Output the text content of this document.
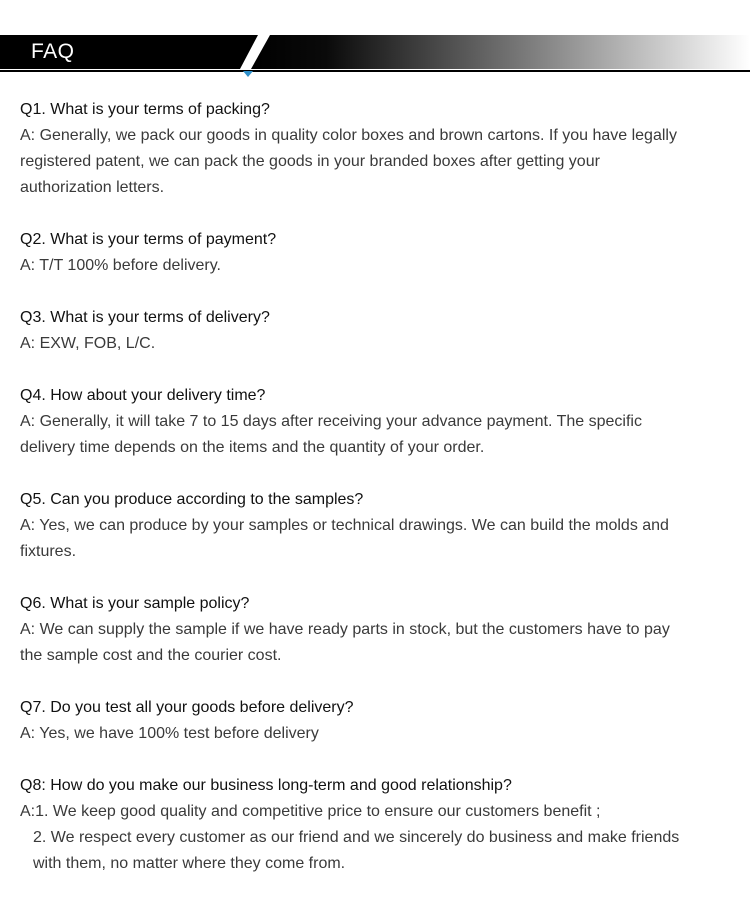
FAQ
Q1. What is your terms of packing?
A: Generally, we pack our goods in quality color boxes and brown cartons. If you have legally
registered patent, we can pack the goods in your branded boxes after getting your
authorization letters.
Q2. What is your terms of payment?
A: T/T 100% before delivery.
Q3. What is your terms of delivery?
A: EXW, FOB, L/C.
Q4. How about your delivery time?
A: Generally, it will take 7 to 15 days after receiving your advance payment. The specific
delivery time depends on the items and the quantity of your order.
Q5. Can you produce according to the samples?
A: Yes, we can produce by your samples or technical drawings. We can build the molds and
fixtures.
Q6. What is your sample policy?
A: We can supply the sample if we have ready parts in stock, but the customers have to pay
the sample cost and the courier cost.
Q7. Do you test all your goods before delivery?
A: Yes, we have 100% test before delivery
Q8: How do you make our business long-term and good relationship?
A:1. We keep good quality and competitive price to ensure our customers benefit ;
2. We respect every customer as our friend and we sincerely do business and make friends
with them, no matter where they come from.
